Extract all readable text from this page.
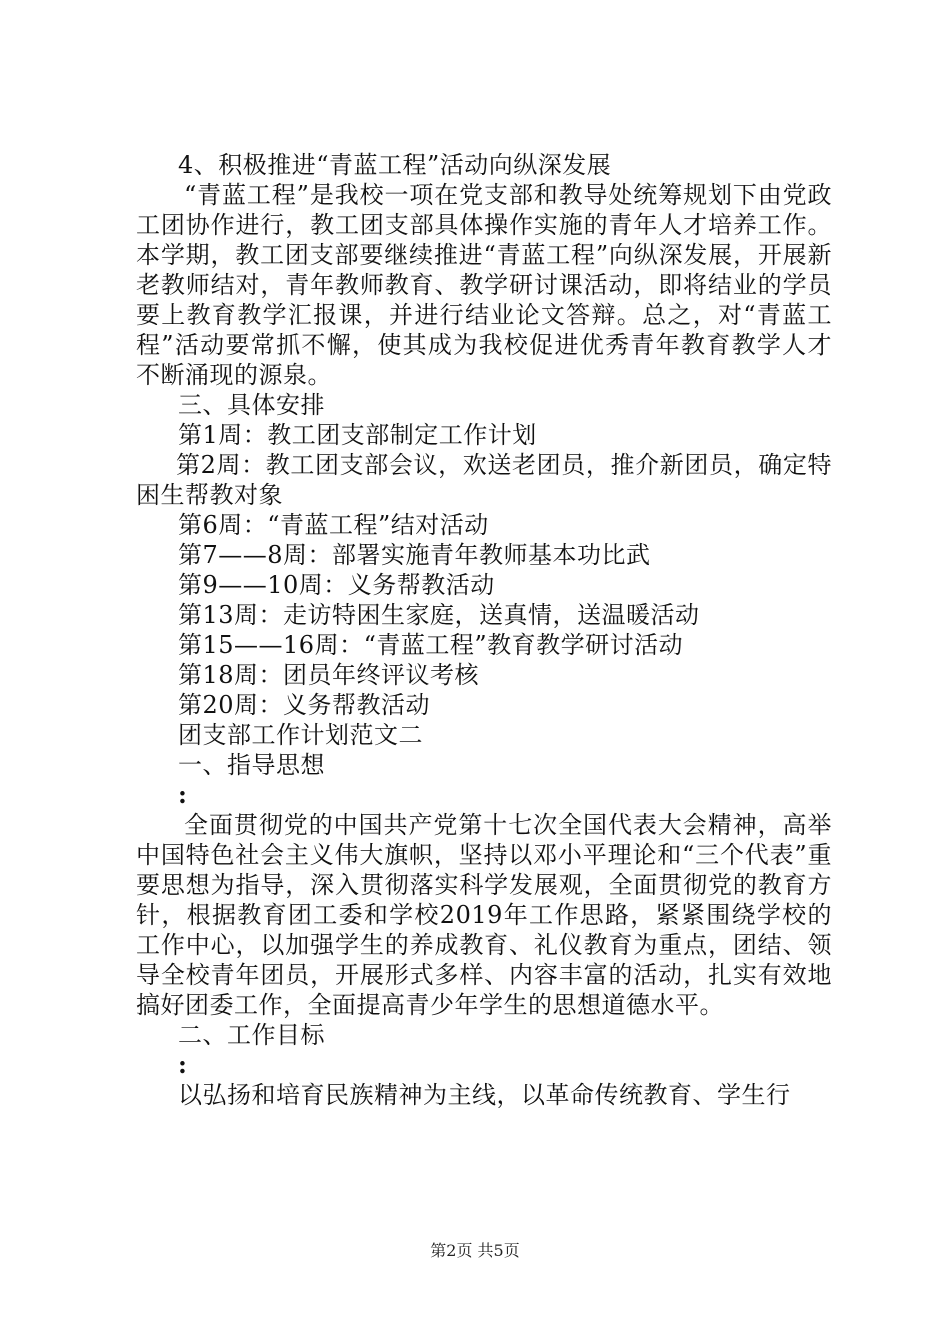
4、积极推进“青蓝工程”活动向纵深发展
“青蓝工程”是我校一项在党支部和教导处统筹规划下由党政工团协作进行，教工团支部具体操作实施的青年人才培养工作。本学期，教工团支部要继续推进“青蓝工程”向纵深发展，开展新老教师结对，青年教师教育、教学研讨课活动，即将结业的学员要上教育教学汇报课，并进行结业论文答辩。总之，对“青蓝工程”活动要常抓不懈，使其成为我校促进优秀青年教育教学人才不断涌现的源泉。
三、具体安排
第1周：教工团支部制定工作计划
第2周：教工团支部会议，欢送老团员，推介新团员，确定特困生帮教对象
第6周：“青蓝工程”结对活动
第7——8周：部署实施青年教师基本功比武
第9——10周：义务帮教活动
第13周：走访特困生家庭，送真情，送温暖活动
第15——16周：“青蓝工程”教育教学研讨活动
第18周：团员年终评议考核
第20周：义务帮教活动
团支部工作计划范文二
一、指导思想
:
全面贯彻党的中国共产党第十七次全国代表大会精神，高举中国特色社会主义伟大旗帜，坚持以邓小平理论和“三个代表”重要思想为指导，深入贯彻落实科学发展观，全面贯彻党的教育方针，根据教育团工委和学校2019年工作思路，紧紧围绕学校的工作中心，以加强学生的养成教育、礼仪教育为重点，团结、领导全校青年团员，开展形式多样、内容丰富的活动，扎实有效地搞好团委工作，全面提高青少年学生的思想道德水平。
二、工作目标
:
以弘扬和培育民族精神为主线，以革命传统教育、学生行
第2页 共5页
